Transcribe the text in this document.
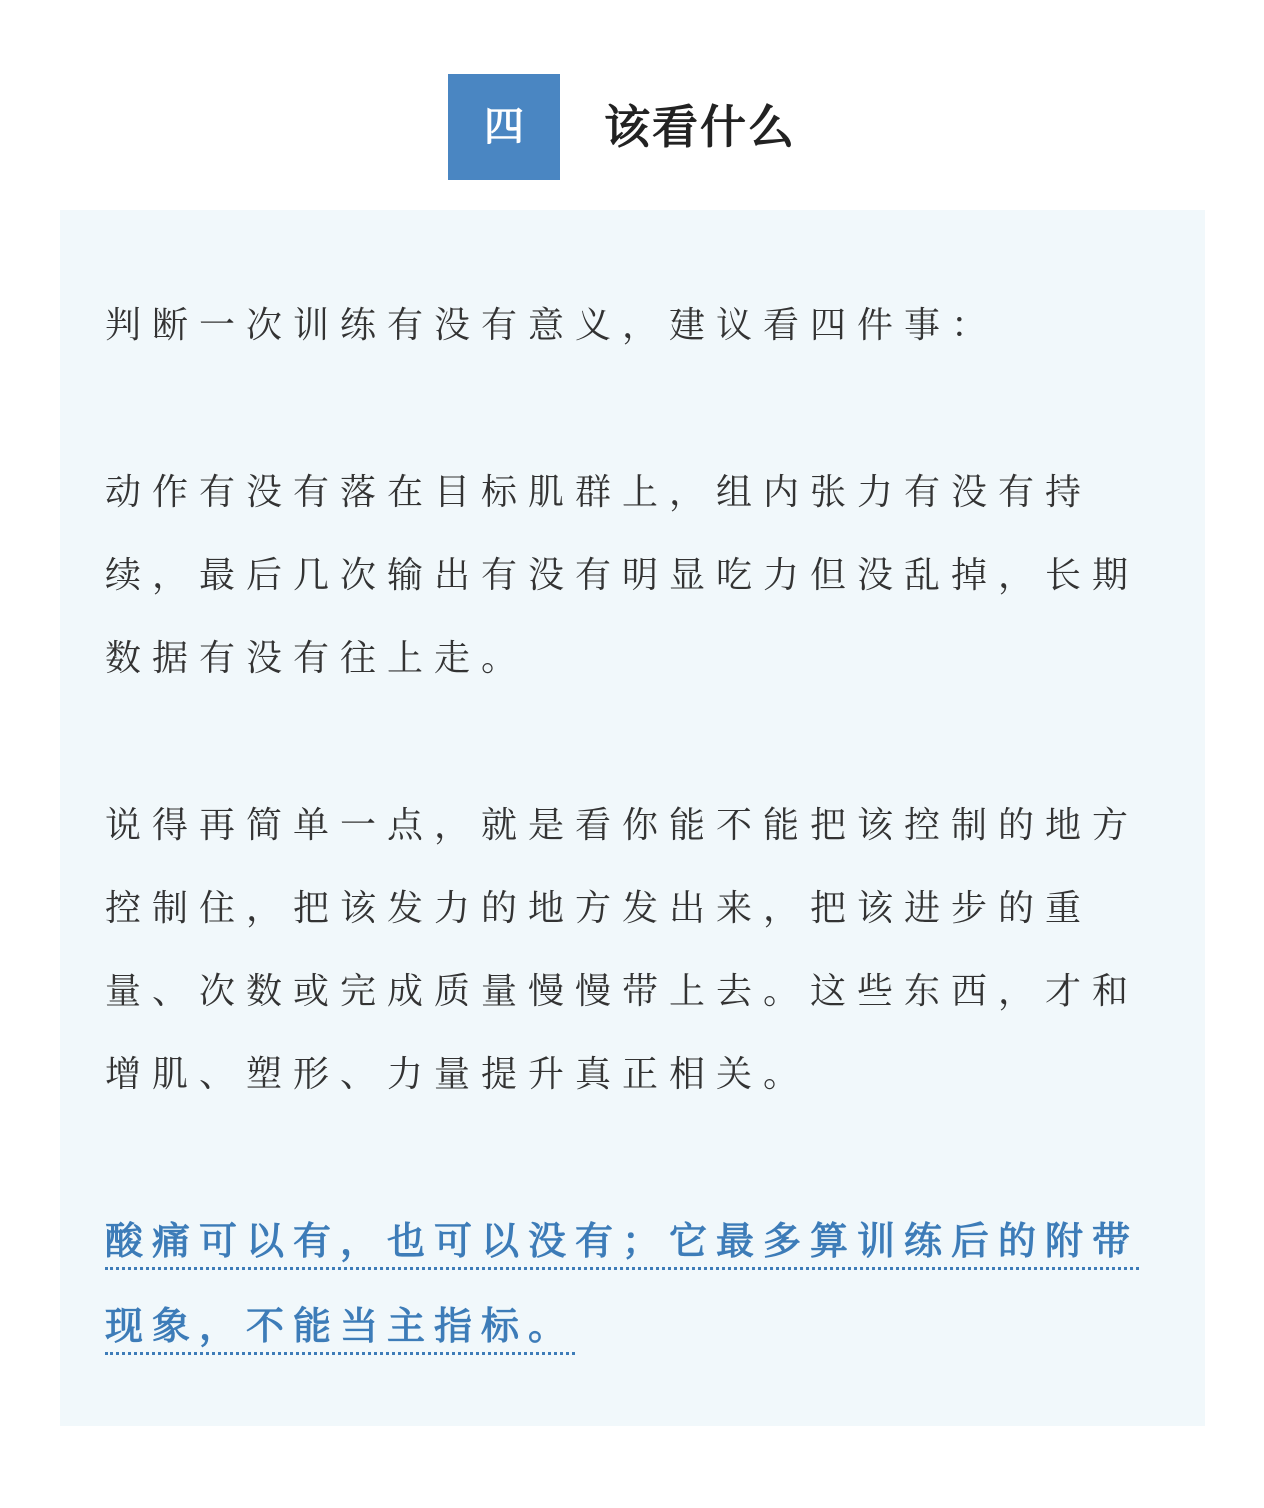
四	该看什么

判断一次训练有没有意义，建议看四件事：

动作有没有落在目标肌群上，组内张力有没有持续，最后几次输出有没有明显吃力但没乱掉，长期数据有没有往上走。

说得再简单一点，就是看你能不能把该控制的地方控制住，把该发力的地方发出来，把该进步的重量、次数或完成质量慢慢带上去。这些东西，才和增肌、塑形、力量提升真正相关。

酸痛可以有，也可以没有；它最多算训练后的附带现象，不能当主指标。
